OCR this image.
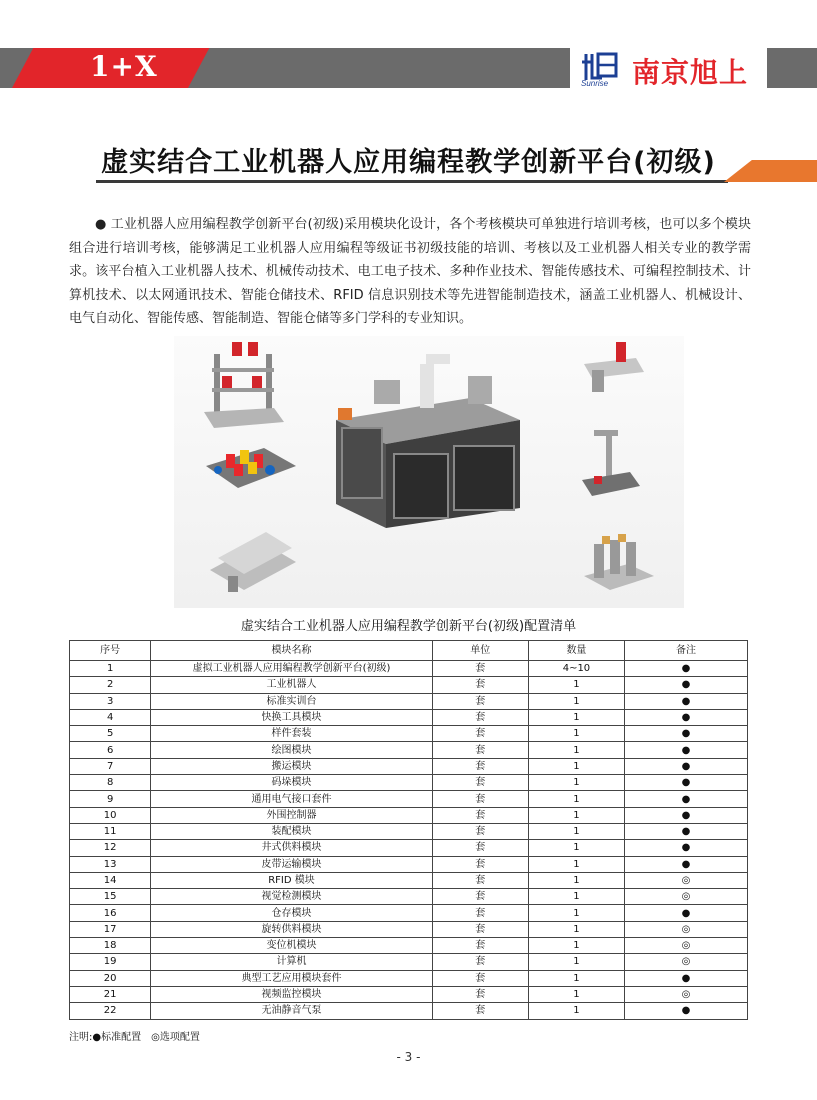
1+X
Sunrise 南京旭上
虚实结合工业机器人应用编程教学创新平台(初级)
● 工业机器人应用编程教学创新平台(初级)采用模块化设计，各个考核模块可单独进行培训考核，也可以多个模块组合进行培训考核，能够满足工业机器人应用编程等级证书初级技能的培训、考核以及工业机器人相关专业的教学需求。该平台植入工业机器人技术、机械传动技术、电工电子技术、多种作业技术、智能传感技术、可编程控制技术、计算机技术、以太网通讯技术、智能仓储技术、RFID 信息识别技术等先进智能制造技术，涵盖工业机器人、机械设计、电气自动化、智能传感、智能制造、智能仓储等多门学科的专业知识。
虚实结合工业机器人应用编程教学创新平台(初级)配置清单
序号	模块名称	单位	数量	备注
1	虚拟工业机器人应用编程教学创新平台(初级)	套	4~10	●
2	工业机器人	套	1	●
3	标准实训台	套	1	●
4	快换工具模块	套	1	●
5	样件套装	套	1	●
6	绘图模块	套	1	●
7	搬运模块	套	1	●
8	码垛模块	套	1	●
9	通用电气接口套件	套	1	●
10	外围控制器	套	1	●
11	装配模块	套	1	●
12	井式供料模块	套	1	●
13	皮带运输模块	套	1	●
14	RFID 模块	套	1	◎
15	视觉检测模块	套	1	◎
16	仓存模块	套	1	●
17	旋转供料模块	套	1	◎
18	变位机模块	套	1	◎
19	计算机	套	1	◎
20	典型工艺应用模块套件	套	1	●
21	视频监控模块	套	1	◎
22	无油静音气泵	套	1	●
注明:●标准配置　◎选项配置
- 3 -
